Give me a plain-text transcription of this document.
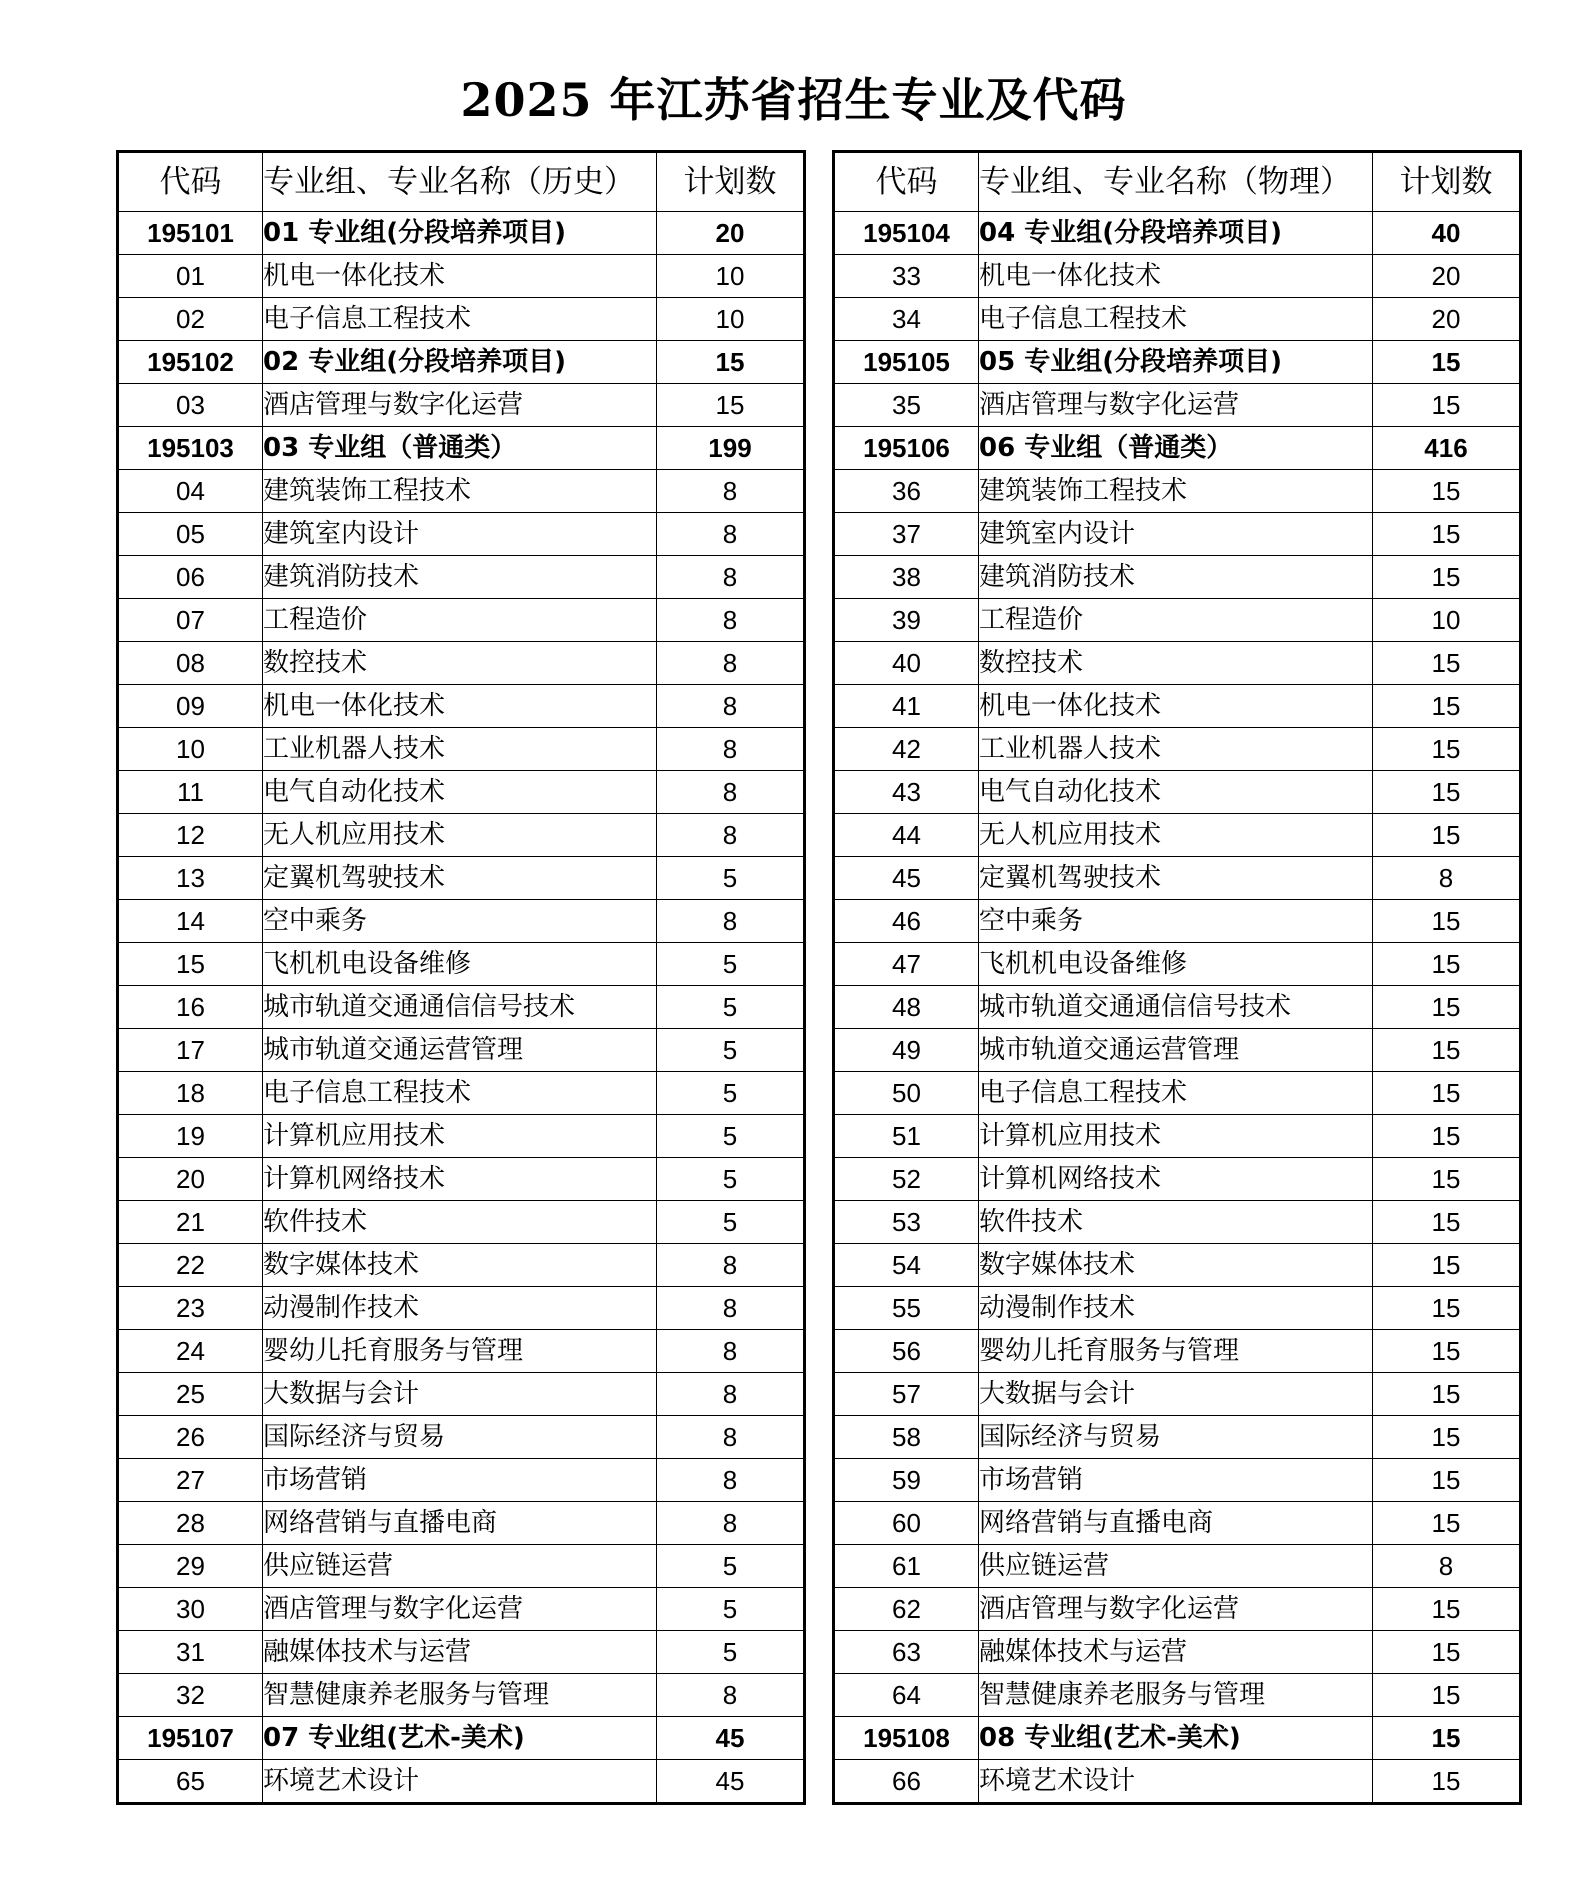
2025 年江苏省招生专业及代码
代码	专业组、专业名称（历史）	计划数
195101	01 专业组(分段培养项目)	20
01	机电一体化技术	10
02	电子信息工程技术	10
195102	02 专业组(分段培养项目)	15
03	酒店管理与数字化运营	15
195103	03 专业组（普通类）	199
04	建筑装饰工程技术	8
05	建筑室内设计	8
06	建筑消防技术	8
07	工程造价	8
08	数控技术	8
09	机电一体化技术	8
10	工业机器人技术	8
11	电气自动化技术	8
12	无人机应用技术	8
13	定翼机驾驶技术	5
14	空中乘务	8
15	飞机机电设备维修	5
16	城市轨道交通通信信号技术	5
17	城市轨道交通运营管理	5
18	电子信息工程技术	5
19	计算机应用技术	5
20	计算机网络技术	5
21	软件技术	5
22	数字媒体技术	8
23	动漫制作技术	8
24	婴幼儿托育服务与管理	8
25	大数据与会计	8
26	国际经济与贸易	8
27	市场营销	8
28	网络营销与直播电商	8
29	供应链运营	5
30	酒店管理与数字化运营	5
31	融媒体技术与运营	5
32	智慧健康养老服务与管理	8
195107	07 专业组(艺术-美术)	45
65	环境艺术设计	45
代码	专业组、专业名称（物理）	计划数
195104	04 专业组(分段培养项目)	40
33	机电一体化技术	20
34	电子信息工程技术	20
195105	05 专业组(分段培养项目)	15
35	酒店管理与数字化运营	15
195106	06 专业组（普通类）	416
36	建筑装饰工程技术	15
37	建筑室内设计	15
38	建筑消防技术	15
39	工程造价	10
40	数控技术	15
41	机电一体化技术	15
42	工业机器人技术	15
43	电气自动化技术	15
44	无人机应用技术	15
45	定翼机驾驶技术	8
46	空中乘务	15
47	飞机机电设备维修	15
48	城市轨道交通通信信号技术	15
49	城市轨道交通运营管理	15
50	电子信息工程技术	15
51	计算机应用技术	15
52	计算机网络技术	15
53	软件技术	15
54	数字媒体技术	15
55	动漫制作技术	15
56	婴幼儿托育服务与管理	15
57	大数据与会计	15
58	国际经济与贸易	15
59	市场营销	15
60	网络营销与直播电商	15
61	供应链运营	8
62	酒店管理与数字化运营	15
63	融媒体技术与运营	15
64	智慧健康养老服务与管理	15
195108	08 专业组(艺术-美术)	15
66	环境艺术设计	15
